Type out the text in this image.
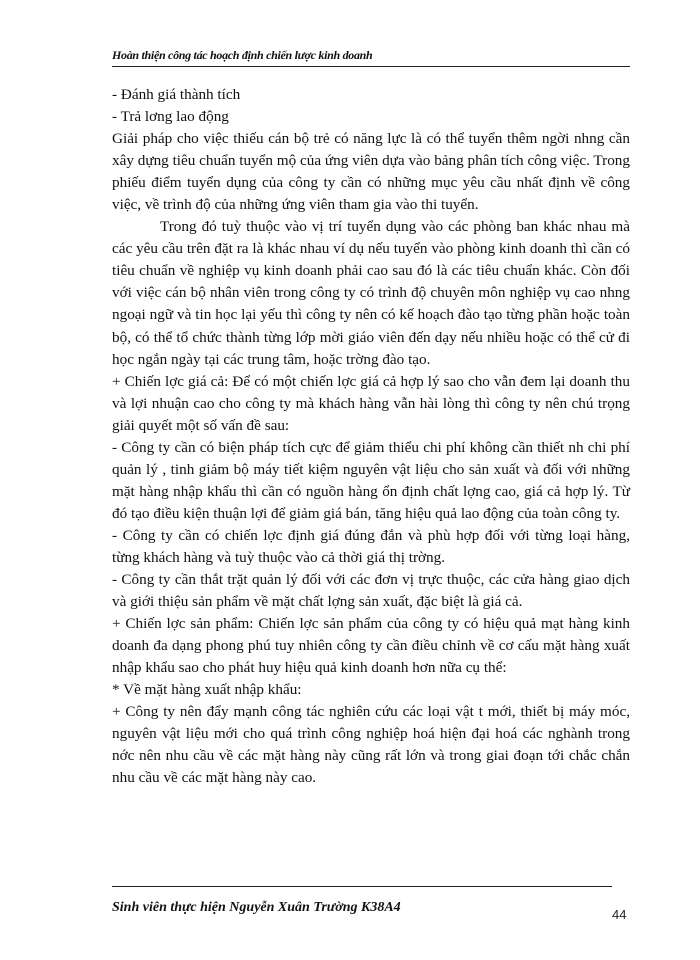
Hoàn thiện công tác hoạch định chiến lược kinh doanh

- Đánh giá thành tích

- Trả lơng lao động

Giải pháp cho việc thiếu cán bộ trẻ có năng lực là có thể tuyển thêm ngời nhng cần xây dựng tiêu chuẩn tuyển mộ của ứng viên dựa vào bảng phân tích công việc. Trong phiếu điểm tuyển dụng của công ty cần có những mục yêu cầu nhất định về công việc, về trình độ của những ứng viên tham gia vào thi tuyển.

Trong đó tuỳ thuộc vào vị trí tuyển dụng vào các phòng ban khác nhau mà các yêu cầu trên đặt ra là khác nhau ví dụ nếu tuyển vào phòng kinh doanh thì cần có tiêu chuẩn về nghiệp vụ kinh doanh phải cao sau đó là các tiêu chuẩn khác. Còn đối với việc cán bộ nhân viên trong công ty có trình độ chuyên môn nghiệp vụ cao nhng ngoại ngữ và tin học lại yếu thì công ty nên có kế hoạch đào tạo từng phần hoặc toàn bộ, có thể tổ chức thành từng lớp mời giáo viên đến dạy nếu nhiều hoặc có thể cử đi học ngắn ngày tại các trung tâm, hoặc trờng đào tạo.

+ Chiến lợc giá cả: Để có một chiến lợc giá cả hợp lý sao cho vẫn đem lại doanh thu và lợi nhuận cao cho công ty mà khách hàng vẫn hài lòng thì công ty nên chú trọng giải quyết một số vấn đề sau:

- Công ty cần có biện pháp tích cực để giảm thiểu chi phí không cần thiết nh chi phí quản lý , tinh giảm bộ máy tiết kiệm nguyên vật liệu cho sản xuất và đối với những mặt hàng nhập khẩu thì cần có nguồn hàng ổn định chất lợng cao, giá cả hợp lý. Từ đó tạo điều kiện thuận lợi để giảm giá bán, tăng hiệu quả lao động của toàn công ty.

- Công ty cần có chiến lợc định giá đúng đắn và phù hợp đối với từng loại hàng, từng khách hàng và tuỳ thuộc vào cả thời giá thị trờng.

- Công ty cần thắt trặt quản lý đối với các đơn vị trực thuộc, các cửa hàng giao dịch và giới thiệu sản phẩm về mặt chất lợng sản xuất, đặc biệt là giá cả.

+ Chiến lợc sản phẩm: Chiến lợc sản phẩm của công ty có hiệu quả mạt hàng kinh doanh đa dạng phong phú tuy nhiên công ty cần điều chỉnh về cơ cấu mặt hàng xuất nhập khẩu sao cho phát huy hiệu quả kinh doanh hơn nữa cụ thể:

* Về mặt hàng xuất nhập khẩu:

+ Công ty nên đẩy mạnh công tác nghiên cứu các loại vật t mới, thiết bị máy móc, nguyên vật liệu mới cho quá trình công nghiệp hoá hiện đại hoá các nghành trong nớc nên nhu cầu về các mặt hàng này cũng rất lớn và trong giai đoạn tới chắc chắn nhu cầu về các mặt hàng này cao.

Sinh viên thực hiện Nguyễn Xuân Trường K38A4	44
